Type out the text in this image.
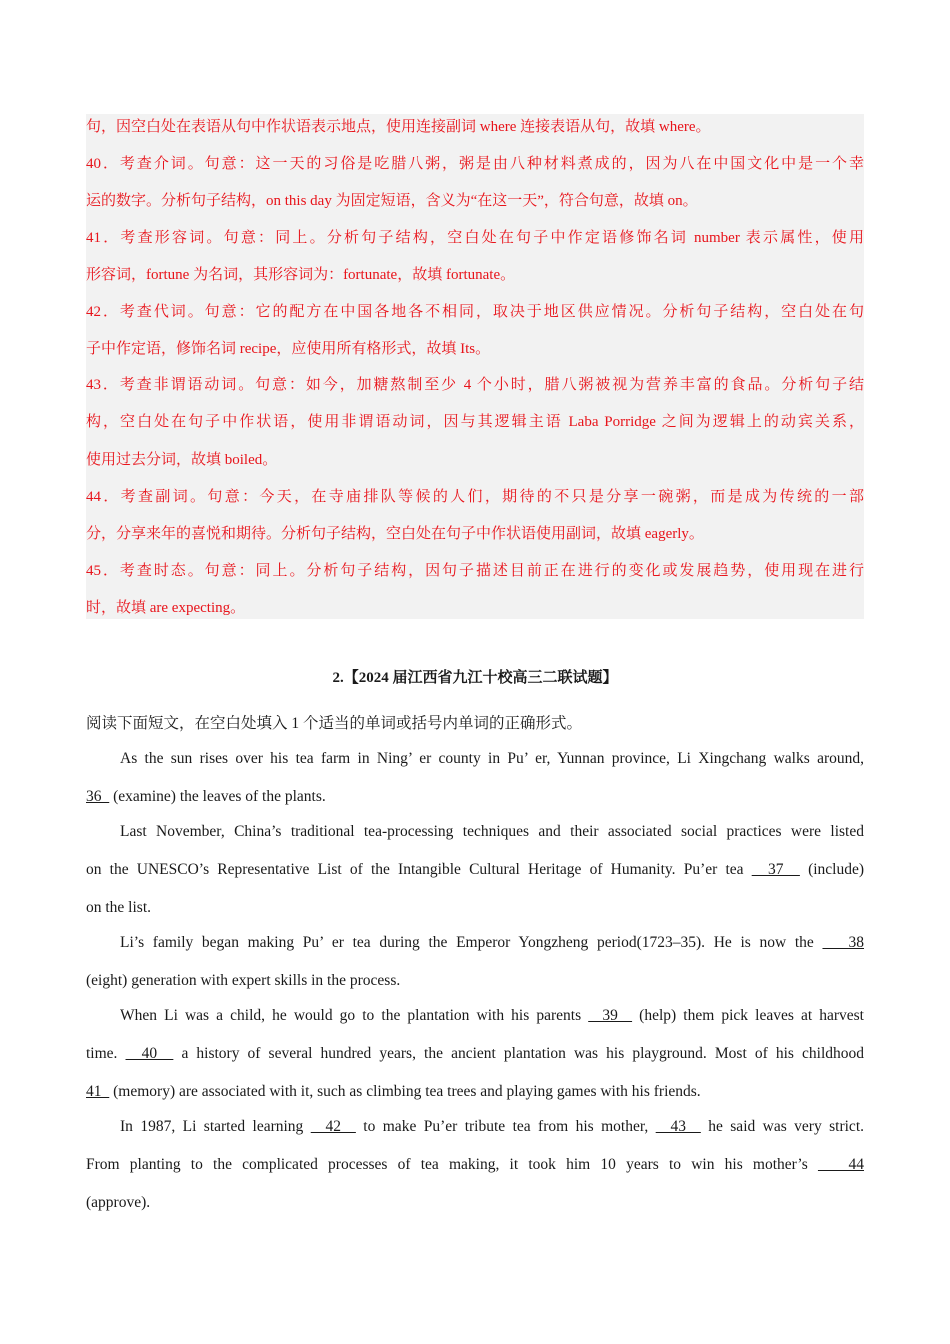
句，因空白处在表语从句中作状语表示地点，使用连接副词 where 连接表语从句，故填 where。
40．考查介词。句意：这一天的习俗是吃腊八粥，粥是由八种材料煮成的，因为八在中国文化中是一个幸
运的数字。分析句子结构，on this day 为固定短语，含义为“在这一天”，符合句意，故填 on。
41．考查形容词。句意：同上。分析句子结构，空白处在句子中作定语修饰名词 number 表示属性，使用
形容词，fortune 为名词，其形容词为：fortunate，故填 fortunate。
42．考查代词。句意：它的配方在中国各地各不相同，取决于地区供应情况。分析句子结构，空白处在句
子中作定语，修饰名词 recipe，应使用所有格形式，故填 Its。
43．考查非谓语动词。句意：如今，加糖熬制至少 4 个小时，腊八粥被视为营养丰富的食品。分析句子结
构，空白处在句子中作状语，使用非谓语动词，因与其逻辑主语 Laba Porridge 之间为逻辑上的动宾关系，
使用过去分词，故填 boiled。
44．考查副词。句意：今天，在寺庙排队等候的人们，期待的不只是分享一碗粥，而是成为传统的一部
分，分享来年的喜悦和期待。分析句子结构，空白处在句子中作状语使用副词，故填 eagerly。
45．考查时态。句意：同上。分析句子结构，因句子描述目前正在进行的变化或发展趋势，使用现在进行
时，故填 are expecting。
2.【2024 届江西省九江十校高三二联试题】
阅读下面短文，在空白处填入 1 个适当的单词或括号内单词的正确形式。
As the sun rises over his tea farm in Ning’ er county in Pu’ er, Yunnan province, Li Xingchang walks around,
36   (examine) the leaves of the plants.
Last November, China’s traditional tea-processing techniques and their associated social practices were listed
on the UNESCO’s Representative List of the Intangible Cultural Heritage of Humanity. Pu’er tea   37   (include)
on the list.
Li’s family began making Pu’ er tea during the Emperor Yongzheng period(1723–35). He is now the    38
(eight) generation with expert skills in the process.
When Li was a child, he would go to the plantation with his parents   39   (help) them pick leaves at harvest
time.   40   a history of several hundred years, the ancient plantation was his playground. Most of his childhood
41   (memory) are associated with it, such as climbing tea trees and playing games with his friends.
In 1987, Li started learning   42   to make Pu’er tribute tea from his mother,   43   he said was very strict.
From planting to the complicated processes of tea making, it took him 10 years to win his mother’s    44
(approve).
